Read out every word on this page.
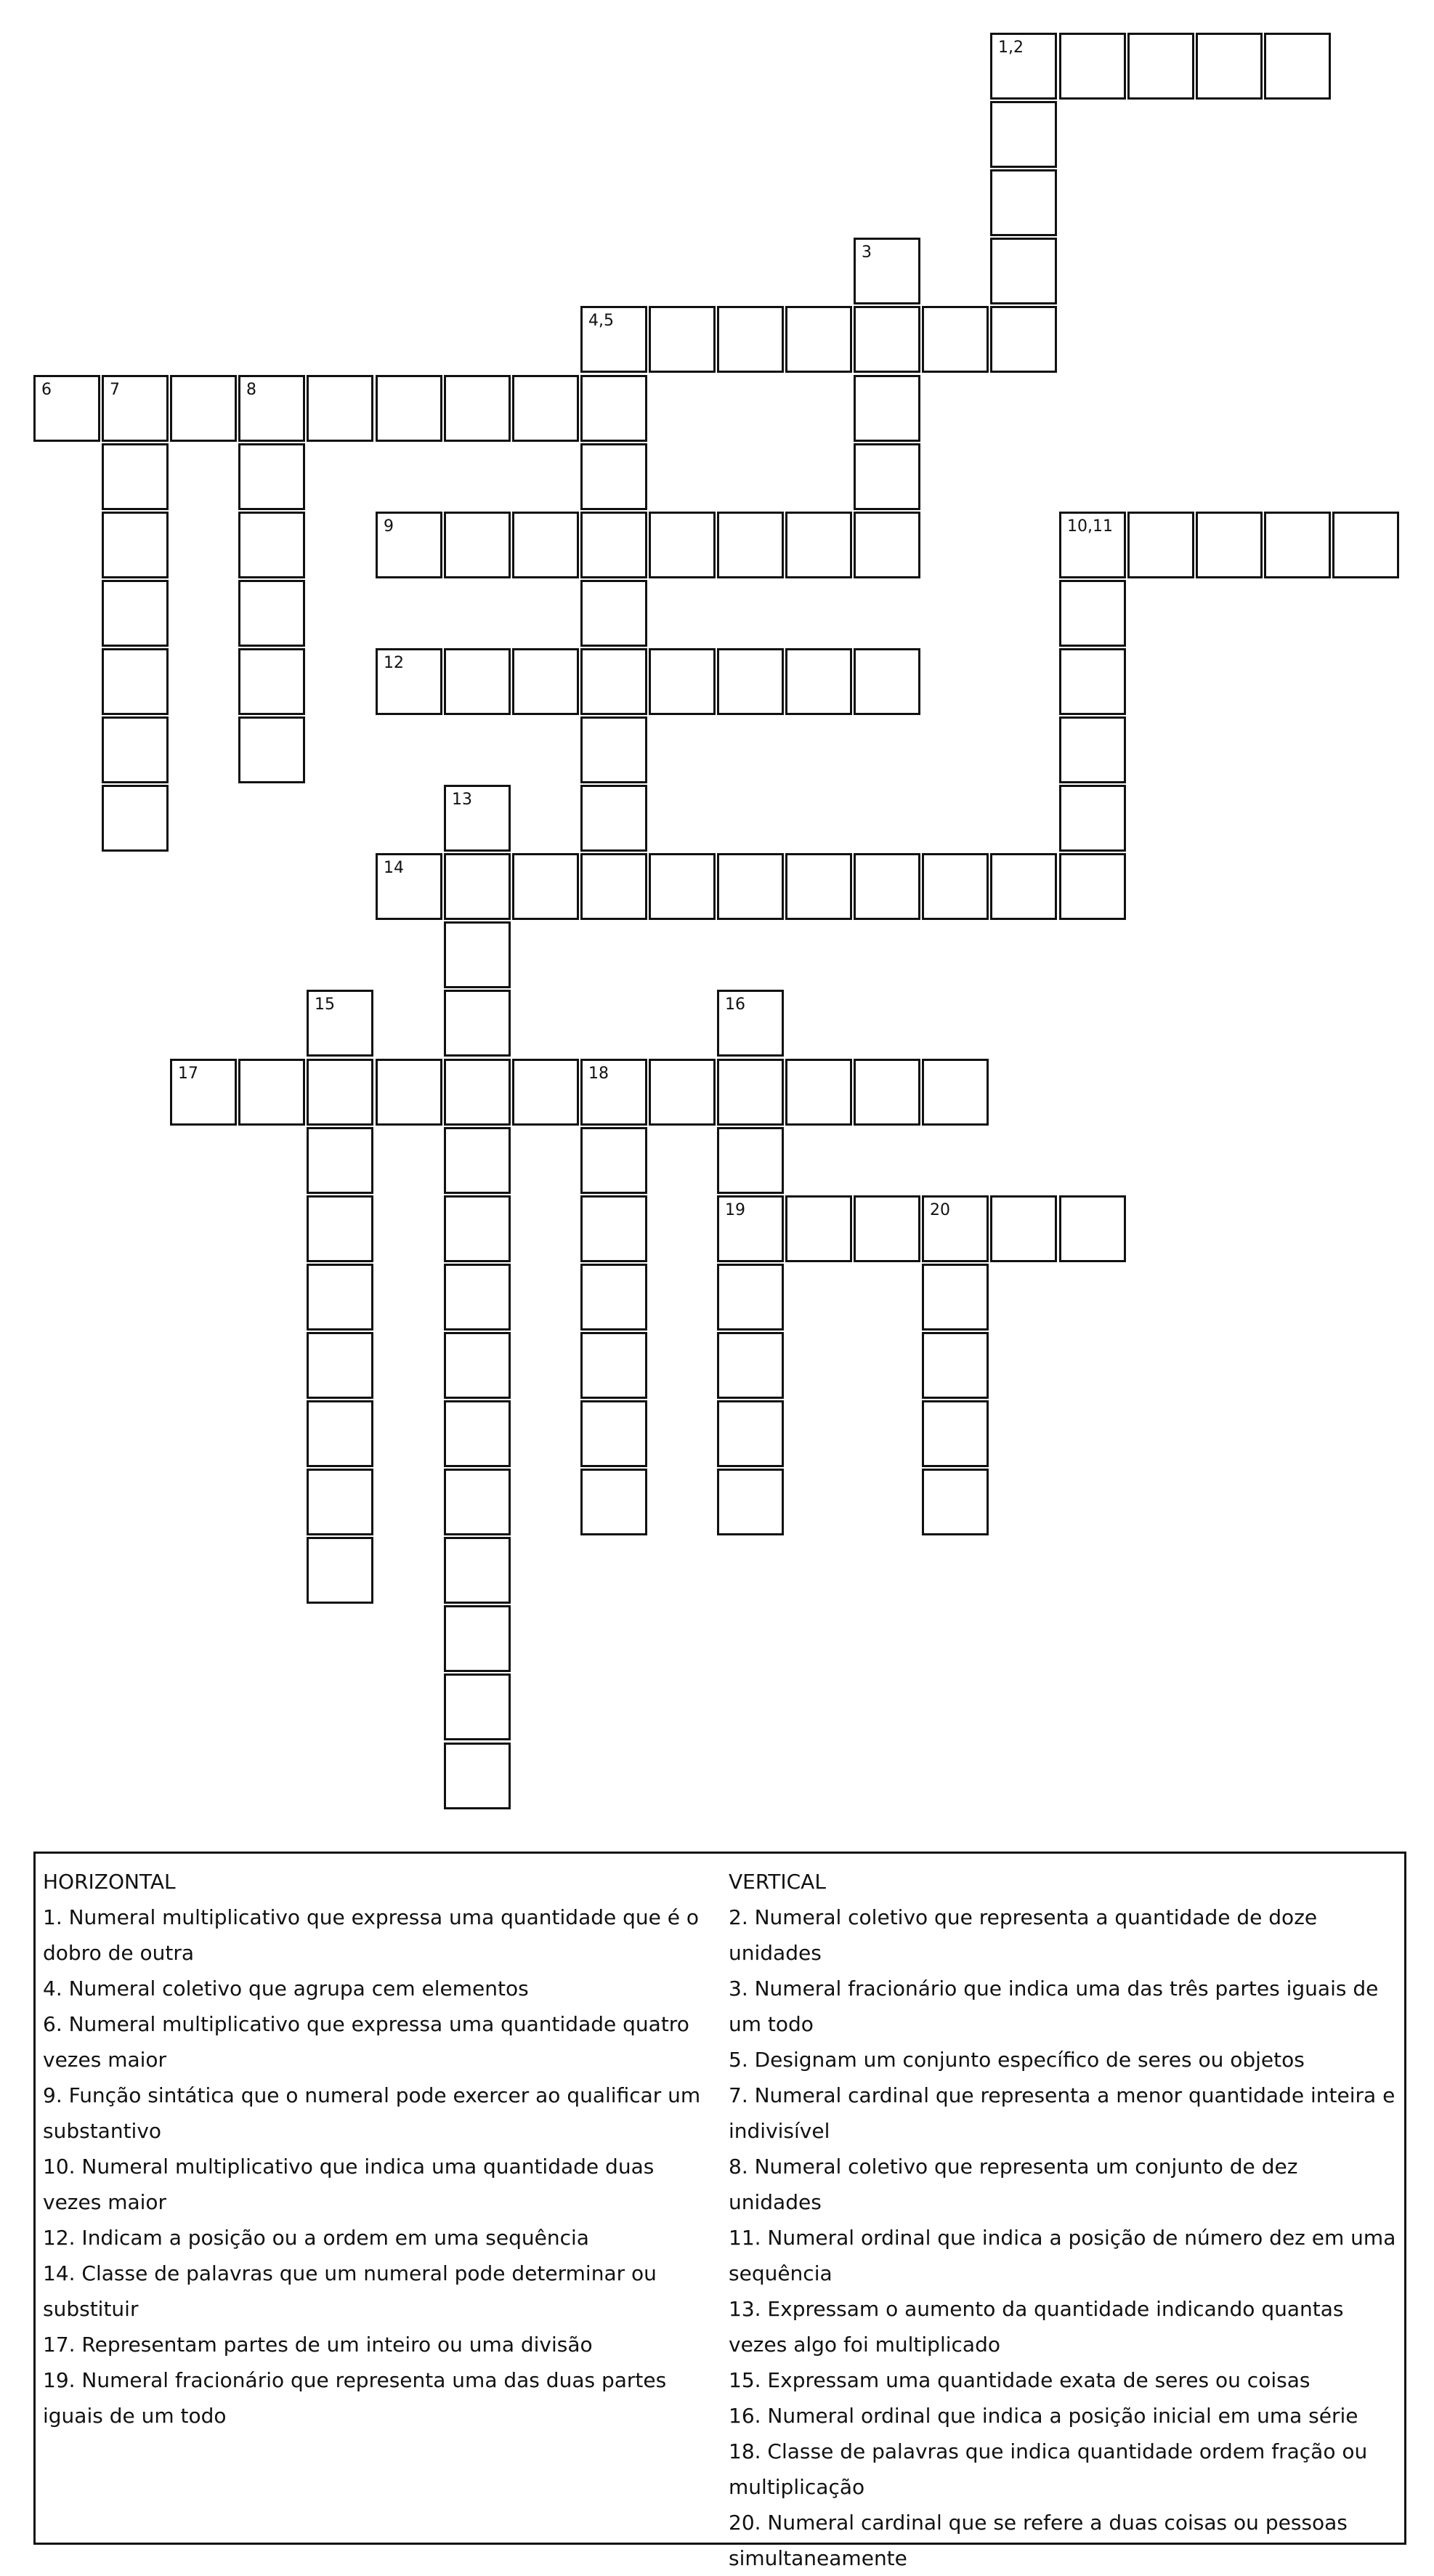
1,2
3
4,5
6	7	8
9	10,11
12
13
14
15	16
19
17	18
20

HORIZONTAL

1. Numeral multiplicativo que expressa uma quantidade que é o dobro de outra

4. Numeral coletivo que agrupa cem elementos

6. Numeral multiplicativo que expressa uma quantidade quatro vezes maior

9. Função sintática que o numeral pode exercer ao qualificar um substantivo

10. Numeral multiplicativo que indica uma quantidade duas vezes maior

12. Indicam a posição ou a ordem em uma sequência

14. Classe de palavras que um numeral pode determinar ou substituir

17. Representam partes de um inteiro ou uma divisão

19. Numeral fracionário que representa uma das duas partes iguais de um todo

VERTICAL

2. Numeral coletivo que representa a quantidade de doze unidades

3. Numeral fracionário que indica uma das três partes iguais de um todo

5. Designam um conjunto específico de seres ou objetos

7. Numeral cardinal que representa a menor quantidade inteira e indivisível

8. Numeral coletivo que representa um conjunto de dez unidades

11. Numeral ordinal que indica a posição de número dez em uma sequência

13. Expressam o aumento da quantidade indicando quantas vezes algo foi multiplicado

15. Expressam uma quantidade exata de seres ou coisas

16. Numeral ordinal que indica a posição inicial em uma série

18. Classe de palavras que indica quantidade ordem fração ou multiplicação

20. Numeral cardinal que se refere a duas coisas ou pessoas simultaneamente
